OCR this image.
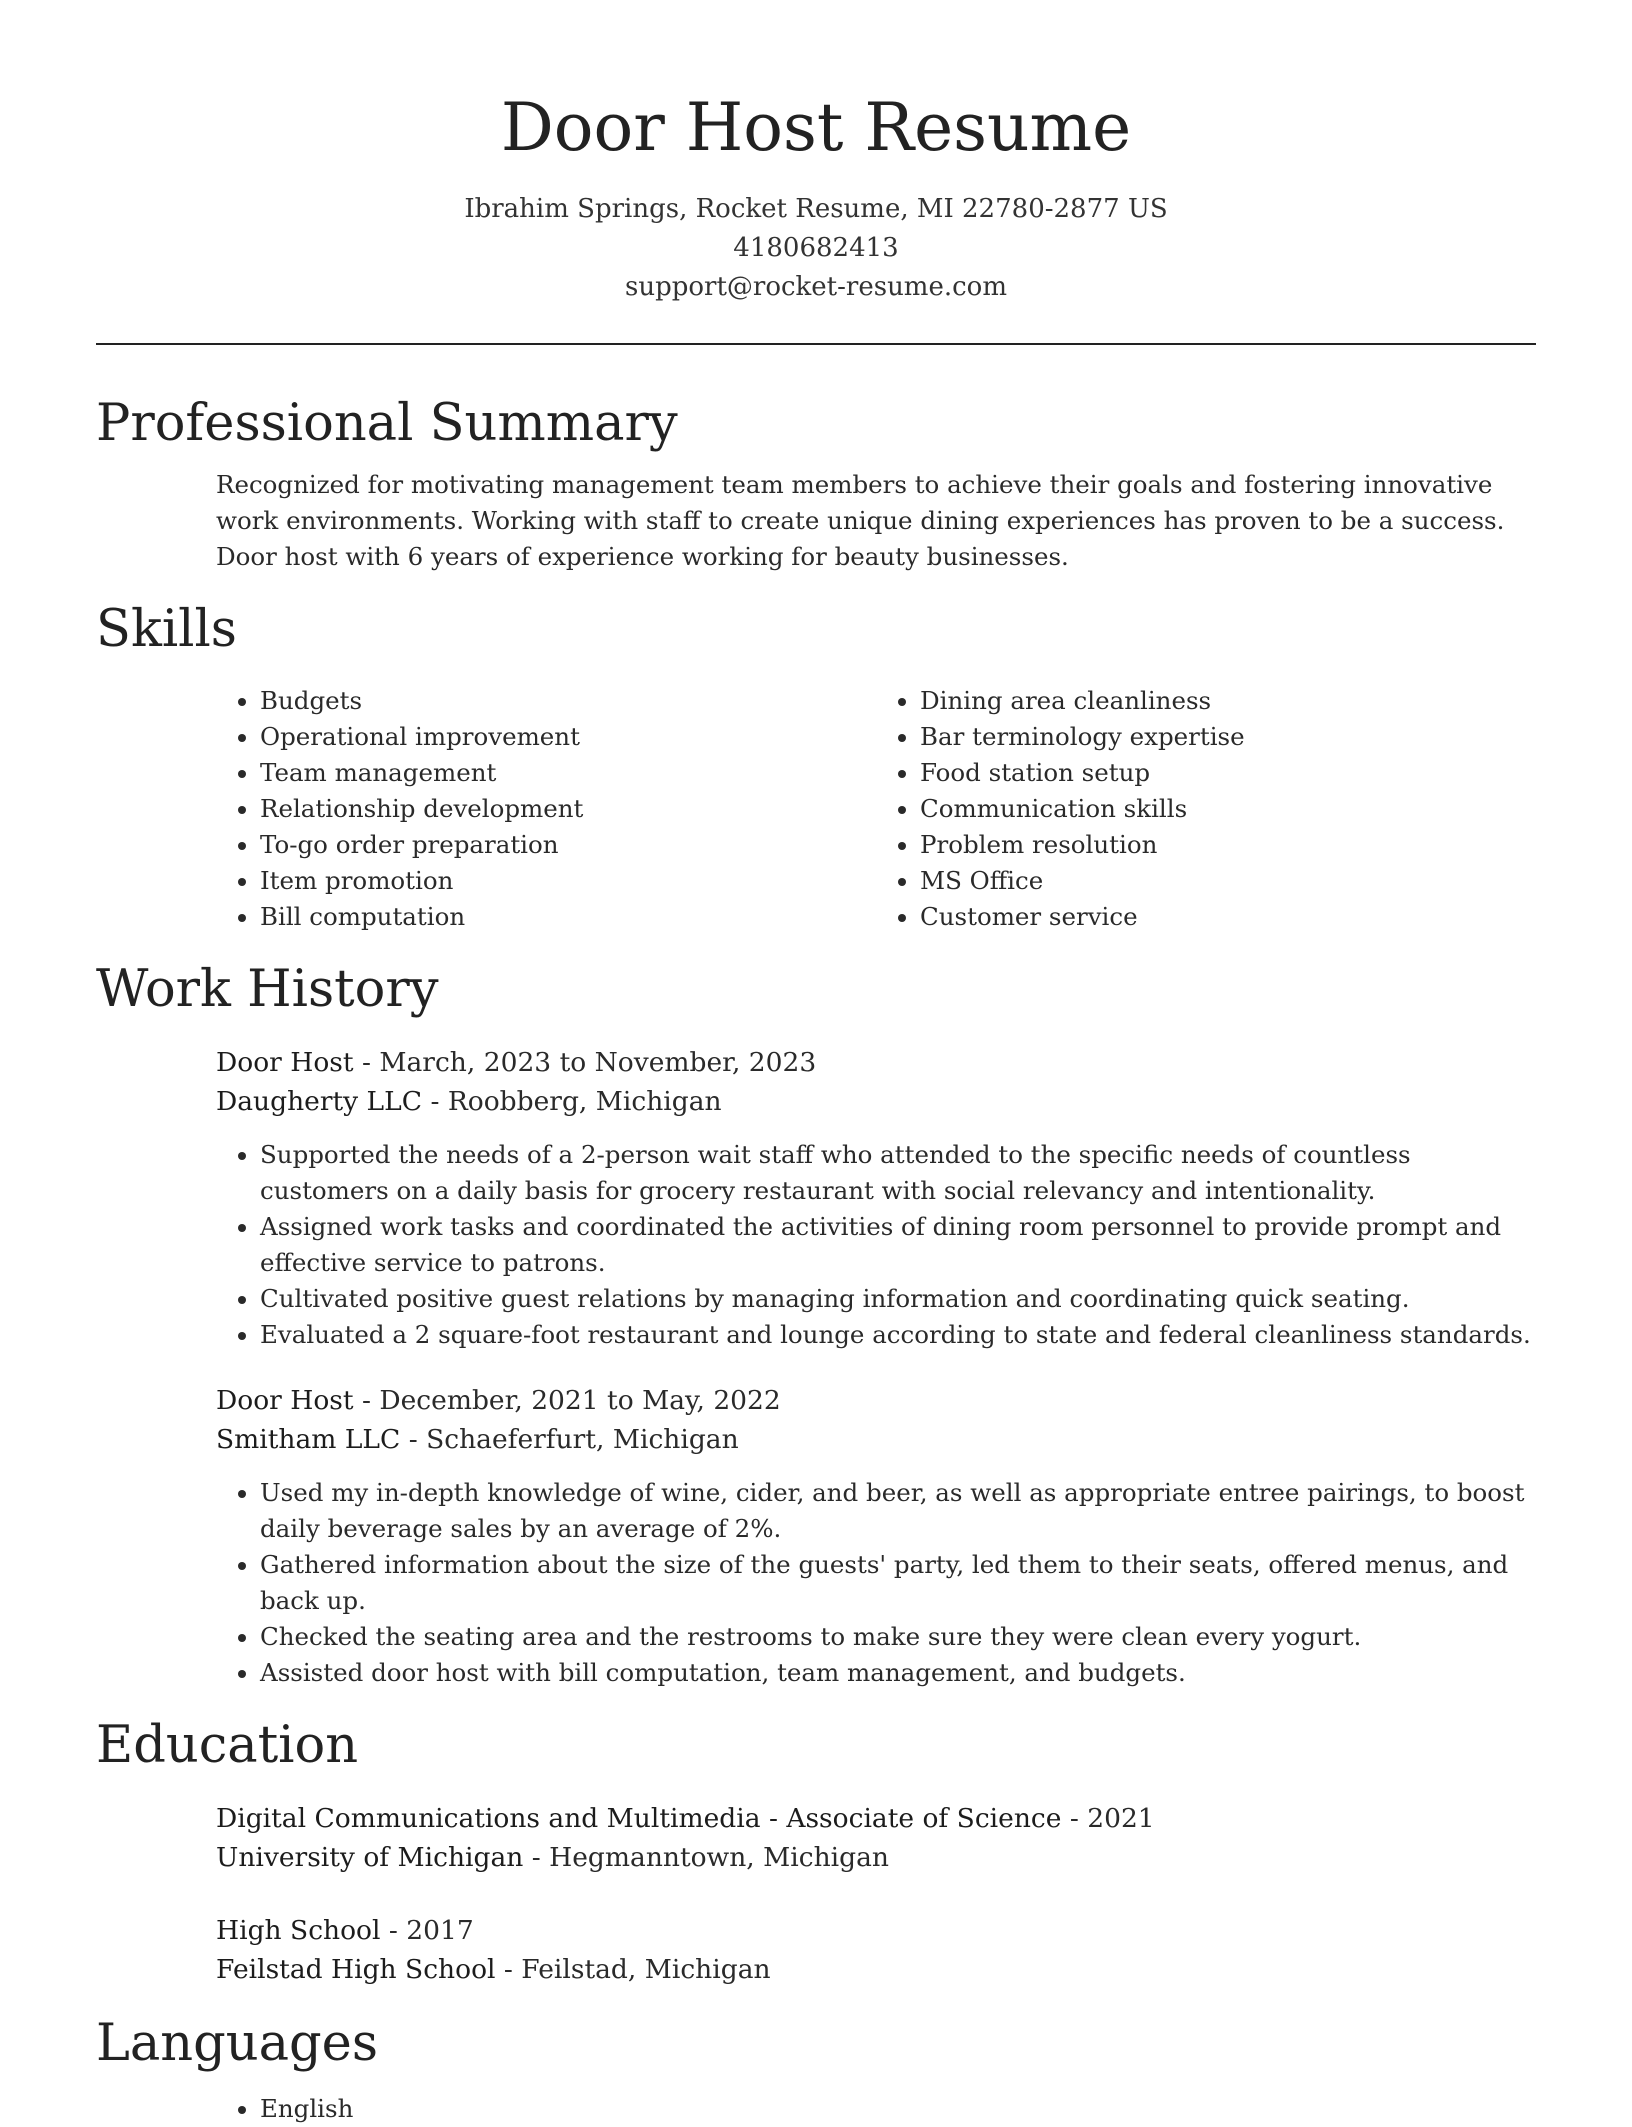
Door Host Resume
Ibrahim Springs, Rocket Resume, MI 22780-2877 US
4180682413
support@rocket-resume.com
Professional Summary

Recognized for motivating management team members to achieve their goals and fostering innovative work environments. Working with staff to create unique dining experiences has proven to be a success. Door host with 6 years of experience working for beauty businesses.

Skills
• Budgets
• Operational improvement
• Team management
• Relationship development
• To-go order preparation
• Item promotion
• Bill computation
• Dining area cleanliness
• Bar terminology expertise
• Food station setup
• Communication skills
• Problem resolution
• MS Office
• Customer service
Work History
Door Host - March, 2023 to November, 2023
Daugherty LLC - Roobberg, Michigan
• Supported the needs of a 2-person wait staff who attended to the specific needs of countless customers on a daily basis for grocery restaurant with social relevancy and intentionality.
• Assigned work tasks and coordinated the activities of dining room personnel to provide prompt and effective service to patrons.
• Cultivated positive guest relations by managing information and coordinating quick seating.
• Evaluated a 2 square-foot restaurant and lounge according to state and federal cleanliness standards.
Door Host - December, 2021 to May, 2022
Smitham LLC - Schaeferfurt, Michigan
• Used my in-depth knowledge of wine, cider, and beer, as well as appropriate entree pairings, to boost daily beverage sales by an average of 2%.
• Gathered information about the size of the guests' party, led them to their seats, offered menus, and back up.
• Checked the seating area and the restrooms to make sure they were clean every yogurt.
• Assisted door host with bill computation, team management, and budgets.
Education
Digital Communications and Multimedia - Associate of Science - 2021
University of Michigan - Hegmanntown, Michigan
High School - 2017
Feilstad High School - Feilstad, Michigan
Languages
• English
